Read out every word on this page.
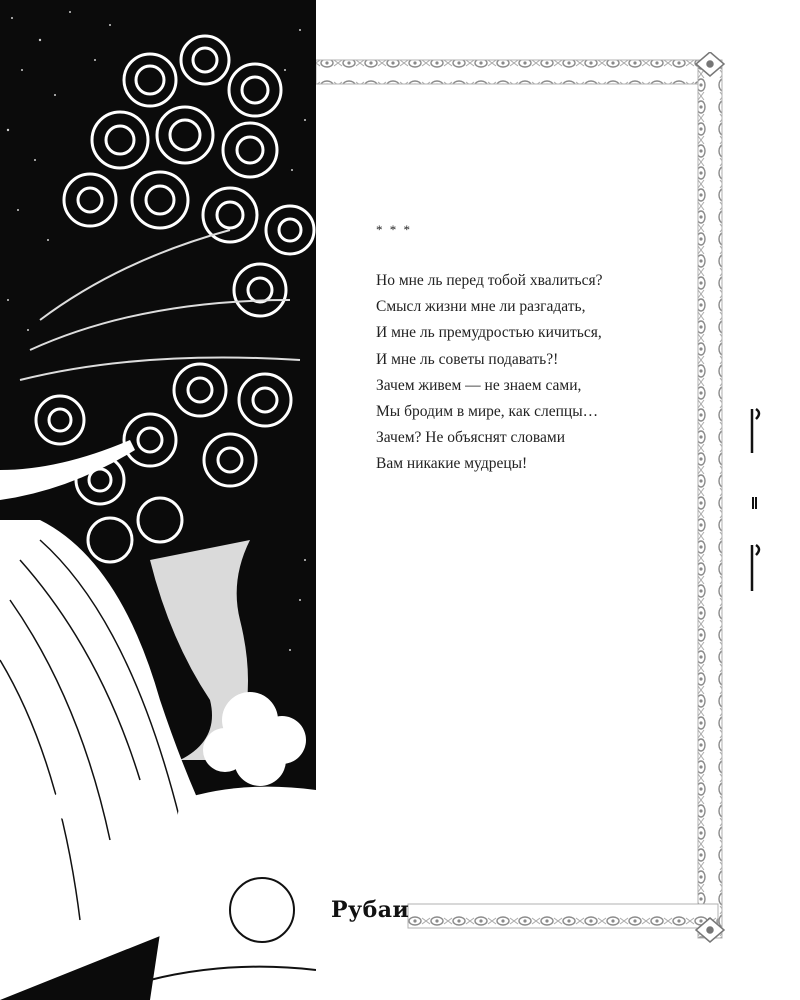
* * *
Но мне ль перед тобой хвалиться?
Смысл жизни мне ли разгадать,
И мне ль премудростью кичиться,
И мне ль советы подавать?!
Зачем живем — не знаем сами,
Мы бродим в мире, как слепцы…
Зачем? Не объяснят словами
Вам никакие мудрецы!
Рубаи
